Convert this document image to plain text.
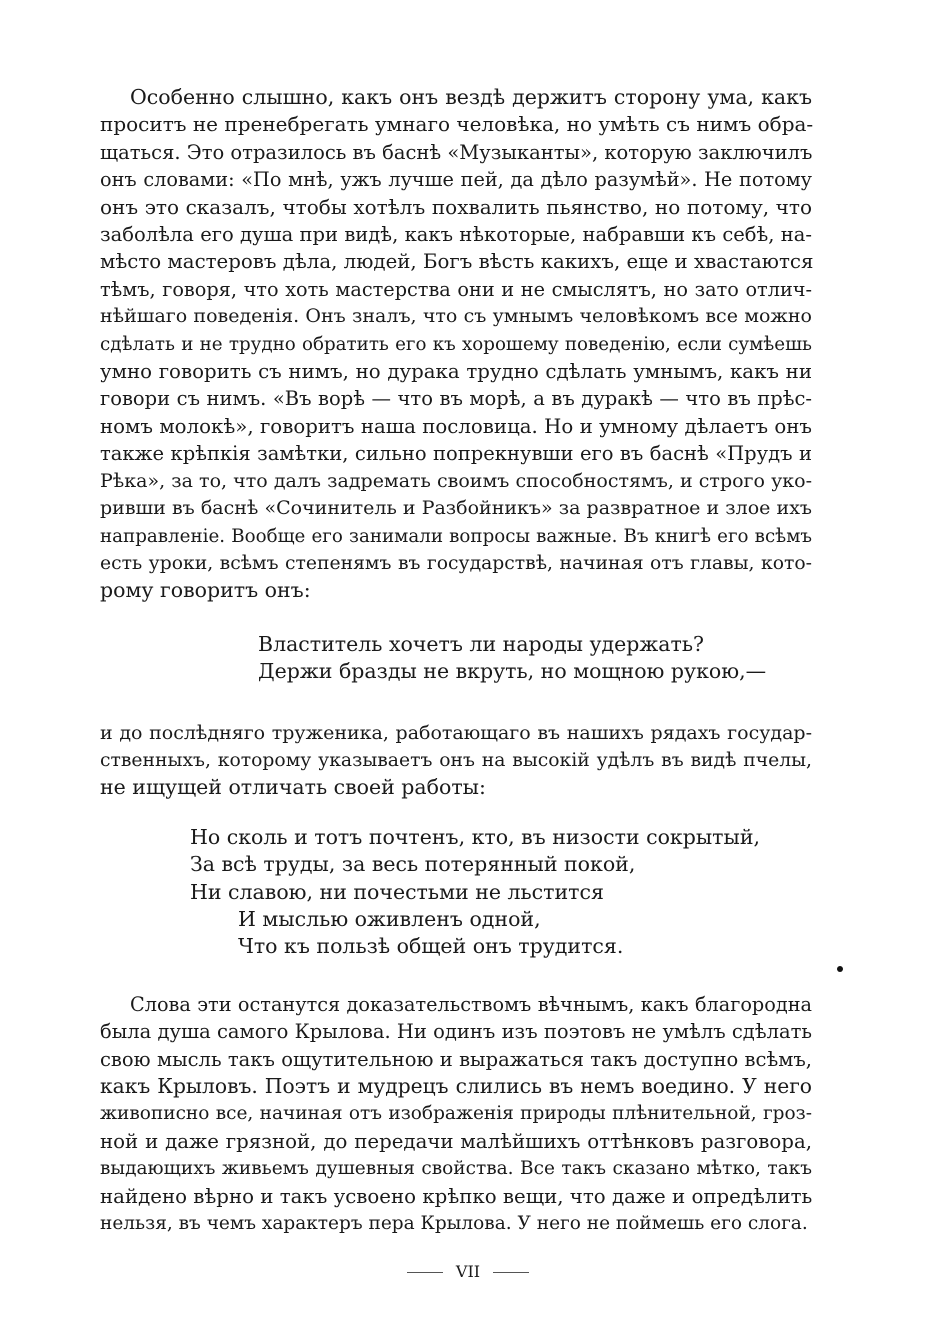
Особенно слышно, какъ онъ вездѣ держитъ сторону ума, какъ
проситъ не пренебрегать умнаго человѣка, но умѣть съ нимъ обра-
щаться. Это отразилось въ баснѣ «Музыканты», которую заключилъ
онъ словами: «По мнѣ, ужъ лучше пей, да дѣло разумѣй». Не потому
онъ это сказалъ, чтобы хотѣлъ похвалить пьянство, но потому, что
заболѣла его душа при видѣ, какъ нѣкоторые, набравши къ себѣ, на-
мѣсто мастеровъ дѣла, людей, Богъ вѣсть какихъ, еще и хвастаются
тѣмъ, говоря, что хоть мастерства они и не смыслятъ, но зато отлич-
нѣйшаго поведенія. Онъ зналъ, что съ умнымъ человѣкомъ все можно
сдѣлать и не трудно обратить его къ хорошему поведенію, если сумѣешь
умно говорить съ нимъ, но дурака трудно сдѣлать умнымъ, какъ ни
говори съ нимъ. «Въ ворѣ — что въ морѣ, а въ дуракѣ — что въ прѣс-
номъ молокѣ», говоритъ наша пословица. Но и умному дѣлаетъ онъ
также крѣпкія замѣтки, сильно попрекнувши его въ баснѣ «Прудъ и
Рѣка», за то, что далъ задремать своимъ способностямъ, и строго уко-
ривши въ баснѣ «Сочинитель и Разбойникъ» за развратное и злое ихъ
направленіе. Вообще его занимали вопросы важные. Въ книгѣ его всѣмъ
есть уроки, всѣмъ степенямъ въ государствѣ, начиная отъ главы, кото-
рому говоритъ онъ:

Властитель хочетъ ли народы удержать?
Держи бразды не вкруть, но мощною рукою,—

и до послѣдняго труженика, работающаго въ нашихъ рядахъ государ-
ственныхъ, которому указываетъ онъ на высокій удѣлъ въ видѣ пчелы,
не ищущей отличать своей работы:

Но сколь и тотъ почтенъ, кто, въ низости сокрытый,
За всѣ труды, за весь потерянный покой,
Ни славою, ни почестьми не льстится
И мыслью оживленъ одной,
Что къ пользѣ общей онъ трудится.

Слова эти останутся доказательствомъ вѣчнымъ, какъ благородна
была душа самого Крылова. Ни одинъ изъ поэтовъ не умѣлъ сдѣлать
свою мысль такъ ощутительною и выражаться такъ доступно всѣмъ,
какъ Крыловъ. Поэтъ и мудрецъ слились въ немъ воедино. У него
живописно все, начиная отъ изображенія природы плѣнительной, гроз-
ной и даже грязной, до передачи малѣйшихъ оттѣнковъ разговора,
выдающихъ живьемъ душевныя свойства. Все такъ сказано мѣтко, такъ
найдено вѣрно и такъ усвоено крѣпко вещи, что даже и опредѣлить
нельзя, въ чемъ характеръ пера Крылова. У него не поймешь его слога.

VII
